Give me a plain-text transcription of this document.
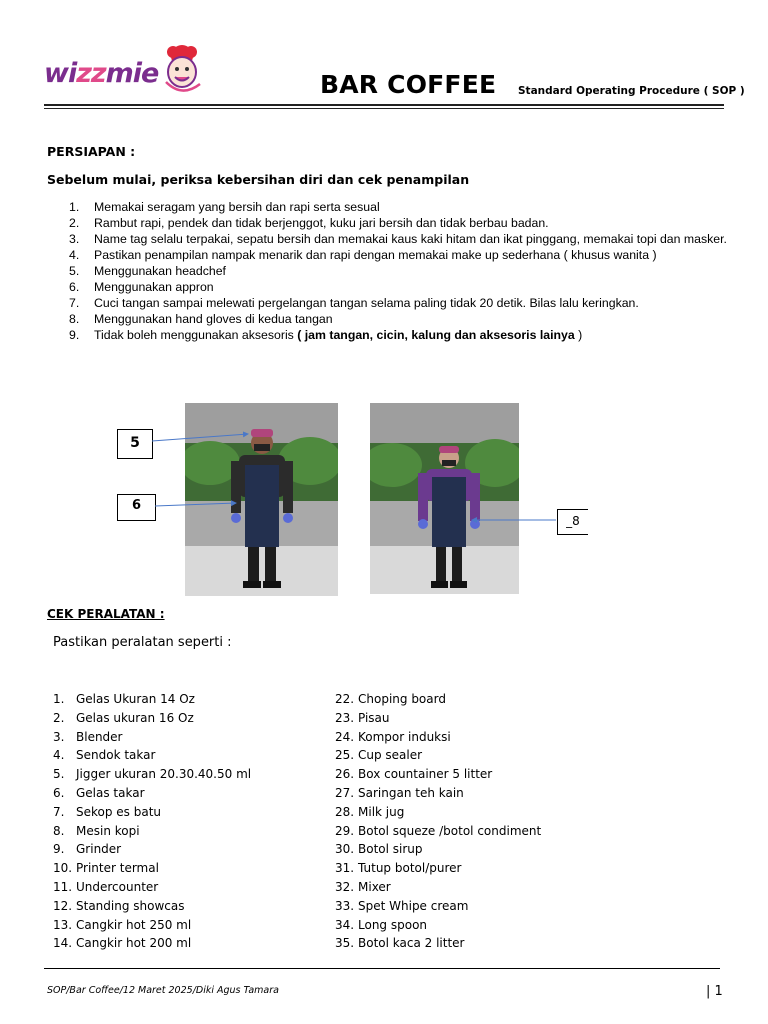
wizzmie	BAR COFFEE Standard Operating Procedure ( SOP )
PERSIAPAN :
Sebelum mulai, periksa kebersihan diri dan cek penampilan
1. Memakai seragam yang bersih dan rapi serta sesual
2. Rambut rapi, pendek dan tidak berjenggot, kuku jari bersih dan tidak berbau badan.
3. Name tag selalu terpakai, sepatu bersih dan memakai kaus kaki hitam dan ikat pinggang, memakai topi dan masker.
4. Pastikan penampilan nampak menarik dan rapi dengan memakai make up sederhana ( khusus wanita )
5. Menggunakan headchef
6. Menggunakan appron
7. Cuci tangan sampai melewati pergelangan tangan selama paling tidak 20 detik. Bilas lalu keringkan.
8. Menggunakan hand gloves di kedua tangan
9. Tidak boleh menggunakan aksesoris ( jam tangan, cicin, kalung dan aksesoris lainya )
5
6
_8
CEK PERALATAN :
Pastikan peralatan seperti :
1. Gelas Ukuran 14 Oz
2. Gelas ukuran 16 Oz
3. Blender
4. Sendok takar
5. Jigger ukuran 20.30.40.50 ml
6. Gelas takar
7. Sekop es batu
8. Mesin kopi
9. Grinder
10. Printer termal
11. Undercounter
12. Standing showcas
13. Cangkir hot 250 ml
14. Cangkir hot 200 ml
22. Choping board
23. Pisau
24. Kompor induksi
25. Cup sealer
26. Box countainer 5 litter
27. Saringan teh kain
28. Milk jug
29. Botol squeze /botol condiment
30. Botol sirup
31. Tutup botol/purer
32. Mixer
33. Spet Whipe cream
34. Long spoon
35. Botol kaca 2 litter
SOP/Bar Coffee/12 Maret 2025/Diki Agus Tamara	| 1
